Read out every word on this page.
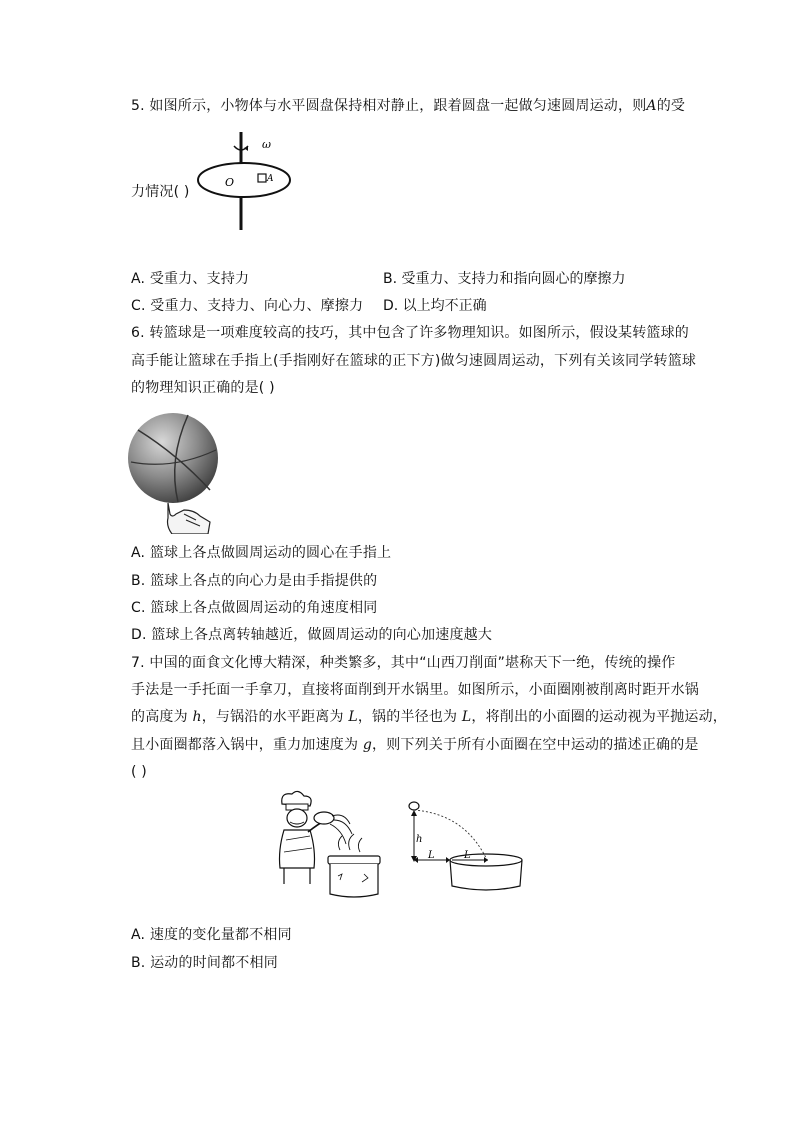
5. 如图所示，小物体与水平圆盘保持相对静止，跟着圆盘一起做匀速圆周运动，则A的受
ω
O	A
力情况( )
A. 受重力、支持力	B. 受重力、支持力和指向圆心的摩擦力
C. 受重力、支持力、向心力、摩擦力 D. 以上均不正确
6. 转篮球是一项难度较高的技巧，其中包含了许多物理知识。如图所示，假设某转篮球的
高手能让篮球在手指上(手指刚好在篮球的正下方)做匀速圆周运动，下列有关该同学转篮球
的物理知识正确的是( )
A. 篮球上各点做圆周运动的圆心在手指上
B. 篮球上各点的向心力是由手指提供的
C. 篮球上各点做圆周运动的角速度相同
D. 篮球上各点离转轴越近，做圆周运动的向心加速度越大
7. 中国的面食文化博大精深，种类繁多，其中“山西刀削面”堪称天下一绝，传统的操作
手法是一手托面一手拿刀，直接将面削到开水锅里。如图所示，小面圈刚被削离时距开水锅
的高度为 h，与锅沿的水平距离为 L，锅的半径也为 L，将削出的小面圈的运动视为平抛运动，
且小面圈都落入锅中，重力加速度为 g，则下列关于所有小面圈在空中运动的描述正确的是
( )
h
L	L
A. 速度的变化量都不相同
B. 运动的时间都不相同
